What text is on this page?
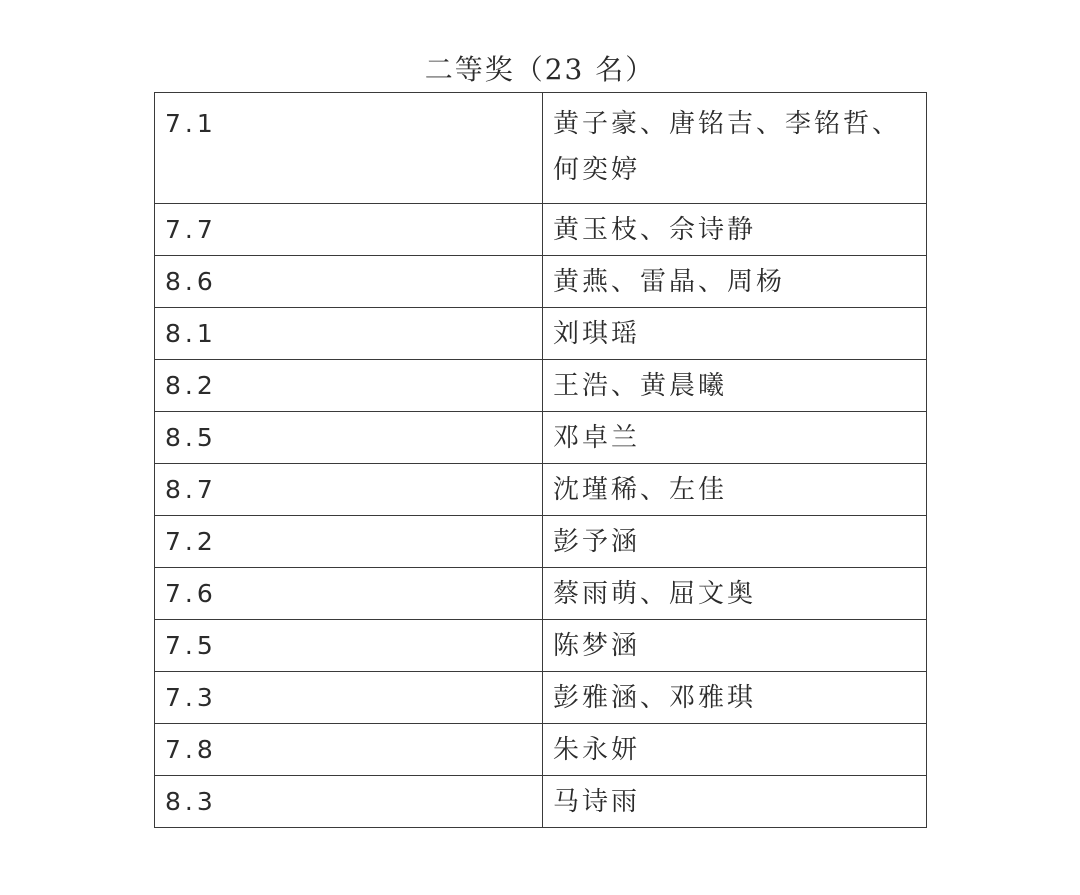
二等奖（23 名）
7.1	黄子豪、唐铭吉、李铭哲、何奕婷
7.7	黄玉枝、佘诗静
8.6	黄燕、雷晶、周杨
8.1	刘琪瑶
8.2	王浩、黄晨曦
8.5	邓卓兰
8.7	沈瑾稀、左佳
7.2	彭予涵
7.6	蔡雨萌、屈文奥
7.5	陈梦涵
7.3	彭雅涵、邓雅琪
7.8	朱永妍
8.3	马诗雨
